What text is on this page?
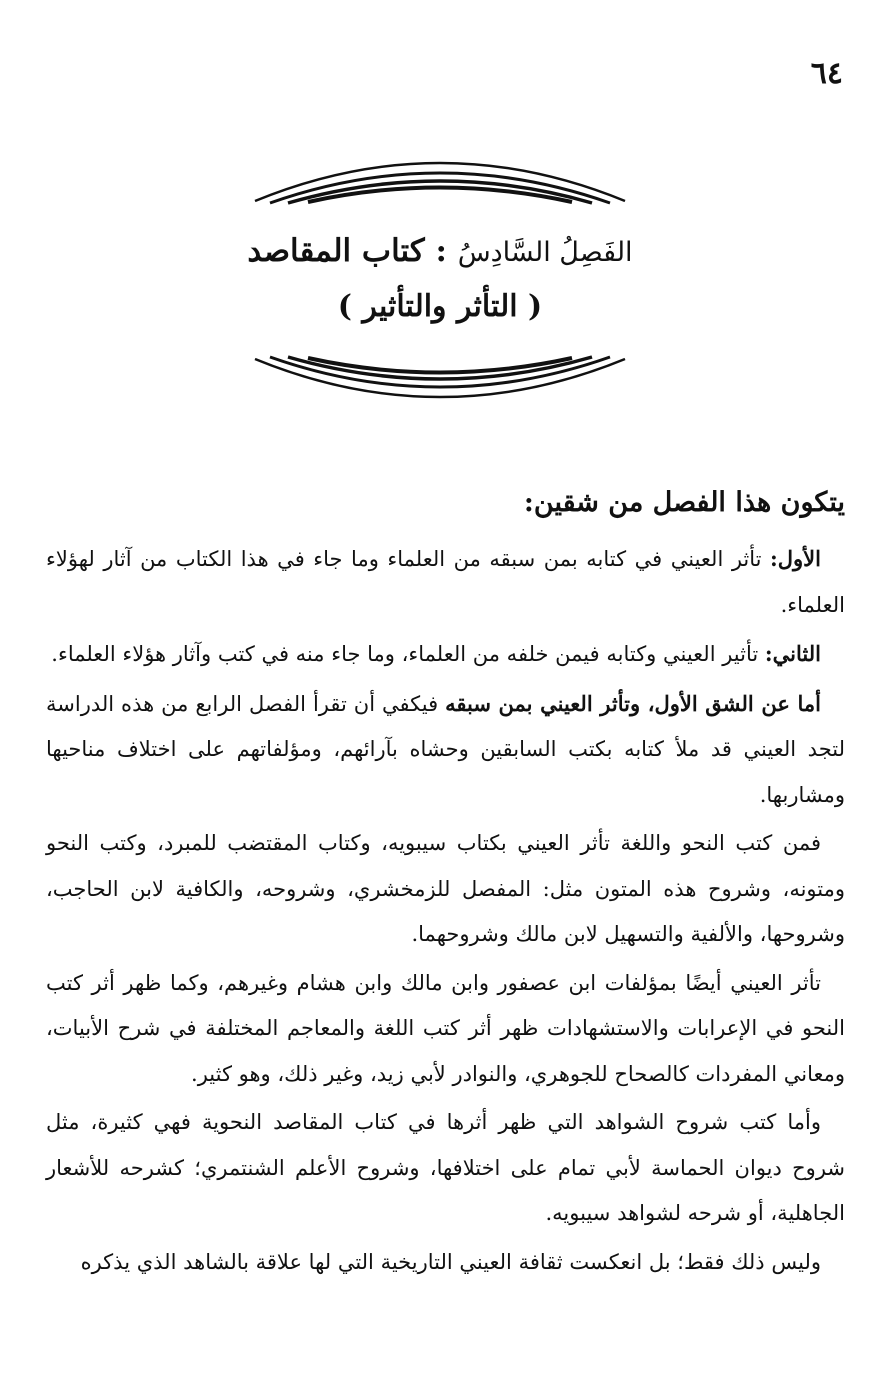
٦٤
الفَصِلُ السَّادِسُ : كتاب المقاصد
( التأثر والتأثير )
يتكون هذا الفصل من شقين:

الأول: تأثر العيني في كتابه بمن سبقه من العلماء وما جاء في هذا الكتاب من آثار لهؤلاء العلماء.

الثاني: تأثير العيني وكتابه فيمن خلفه من العلماء، وما جاء منه في كتب وآثار هؤلاء العلماء.

أما عن الشق الأول، وتأثر العيني بمن سبقه فيكفي أن تقرأ الفصل الرابع من هذه الدراسة لتجد العيني قد ملأ كتابه بكتب السابقين وحشاه بآرائهم، ومؤلفاتهم على اختلاف مناحيها ومشاربها.

فمن كتب النحو واللغة تأثر العيني بكتاب سيبويه، وكتاب المقتضب للمبرد، وكتب النحو ومتونه، وشروح هذه المتون مثل: المفصل للزمخشري، وشروحه، والكافية لابن الحاجب، وشروحها، والألفية والتسهيل لابن مالك وشروحهما.

تأثر العيني أيضًا بمؤلفات ابن عصفور وابن مالك وابن هشام وغيرهم، وكما ظهر أثر كتب النحو في الإعرابات والاستشهادات ظهر أثر كتب اللغة والمعاجم المختلفة في شرح الأبيات، ومعاني المفردات كالصحاح للجوهري، والنوادر لأبي زيد، وغير ذلك، وهو كثير.

وأما كتب شروح الشواهد التي ظهر أثرها في كتاب المقاصد النحوية فهي كثيرة، مثل شروح ديوان الحماسة لأبي تمام على اختلافها، وشروح الأعلم الشنتمري؛ كشرحه للأشعار الجاهلية، أو شرحه لشواهد سيبويه.

وليس ذلك فقط؛ بل انعكست ثقافة العيني التاريخية التي لها علاقة بالشاهد الذي يذكره
